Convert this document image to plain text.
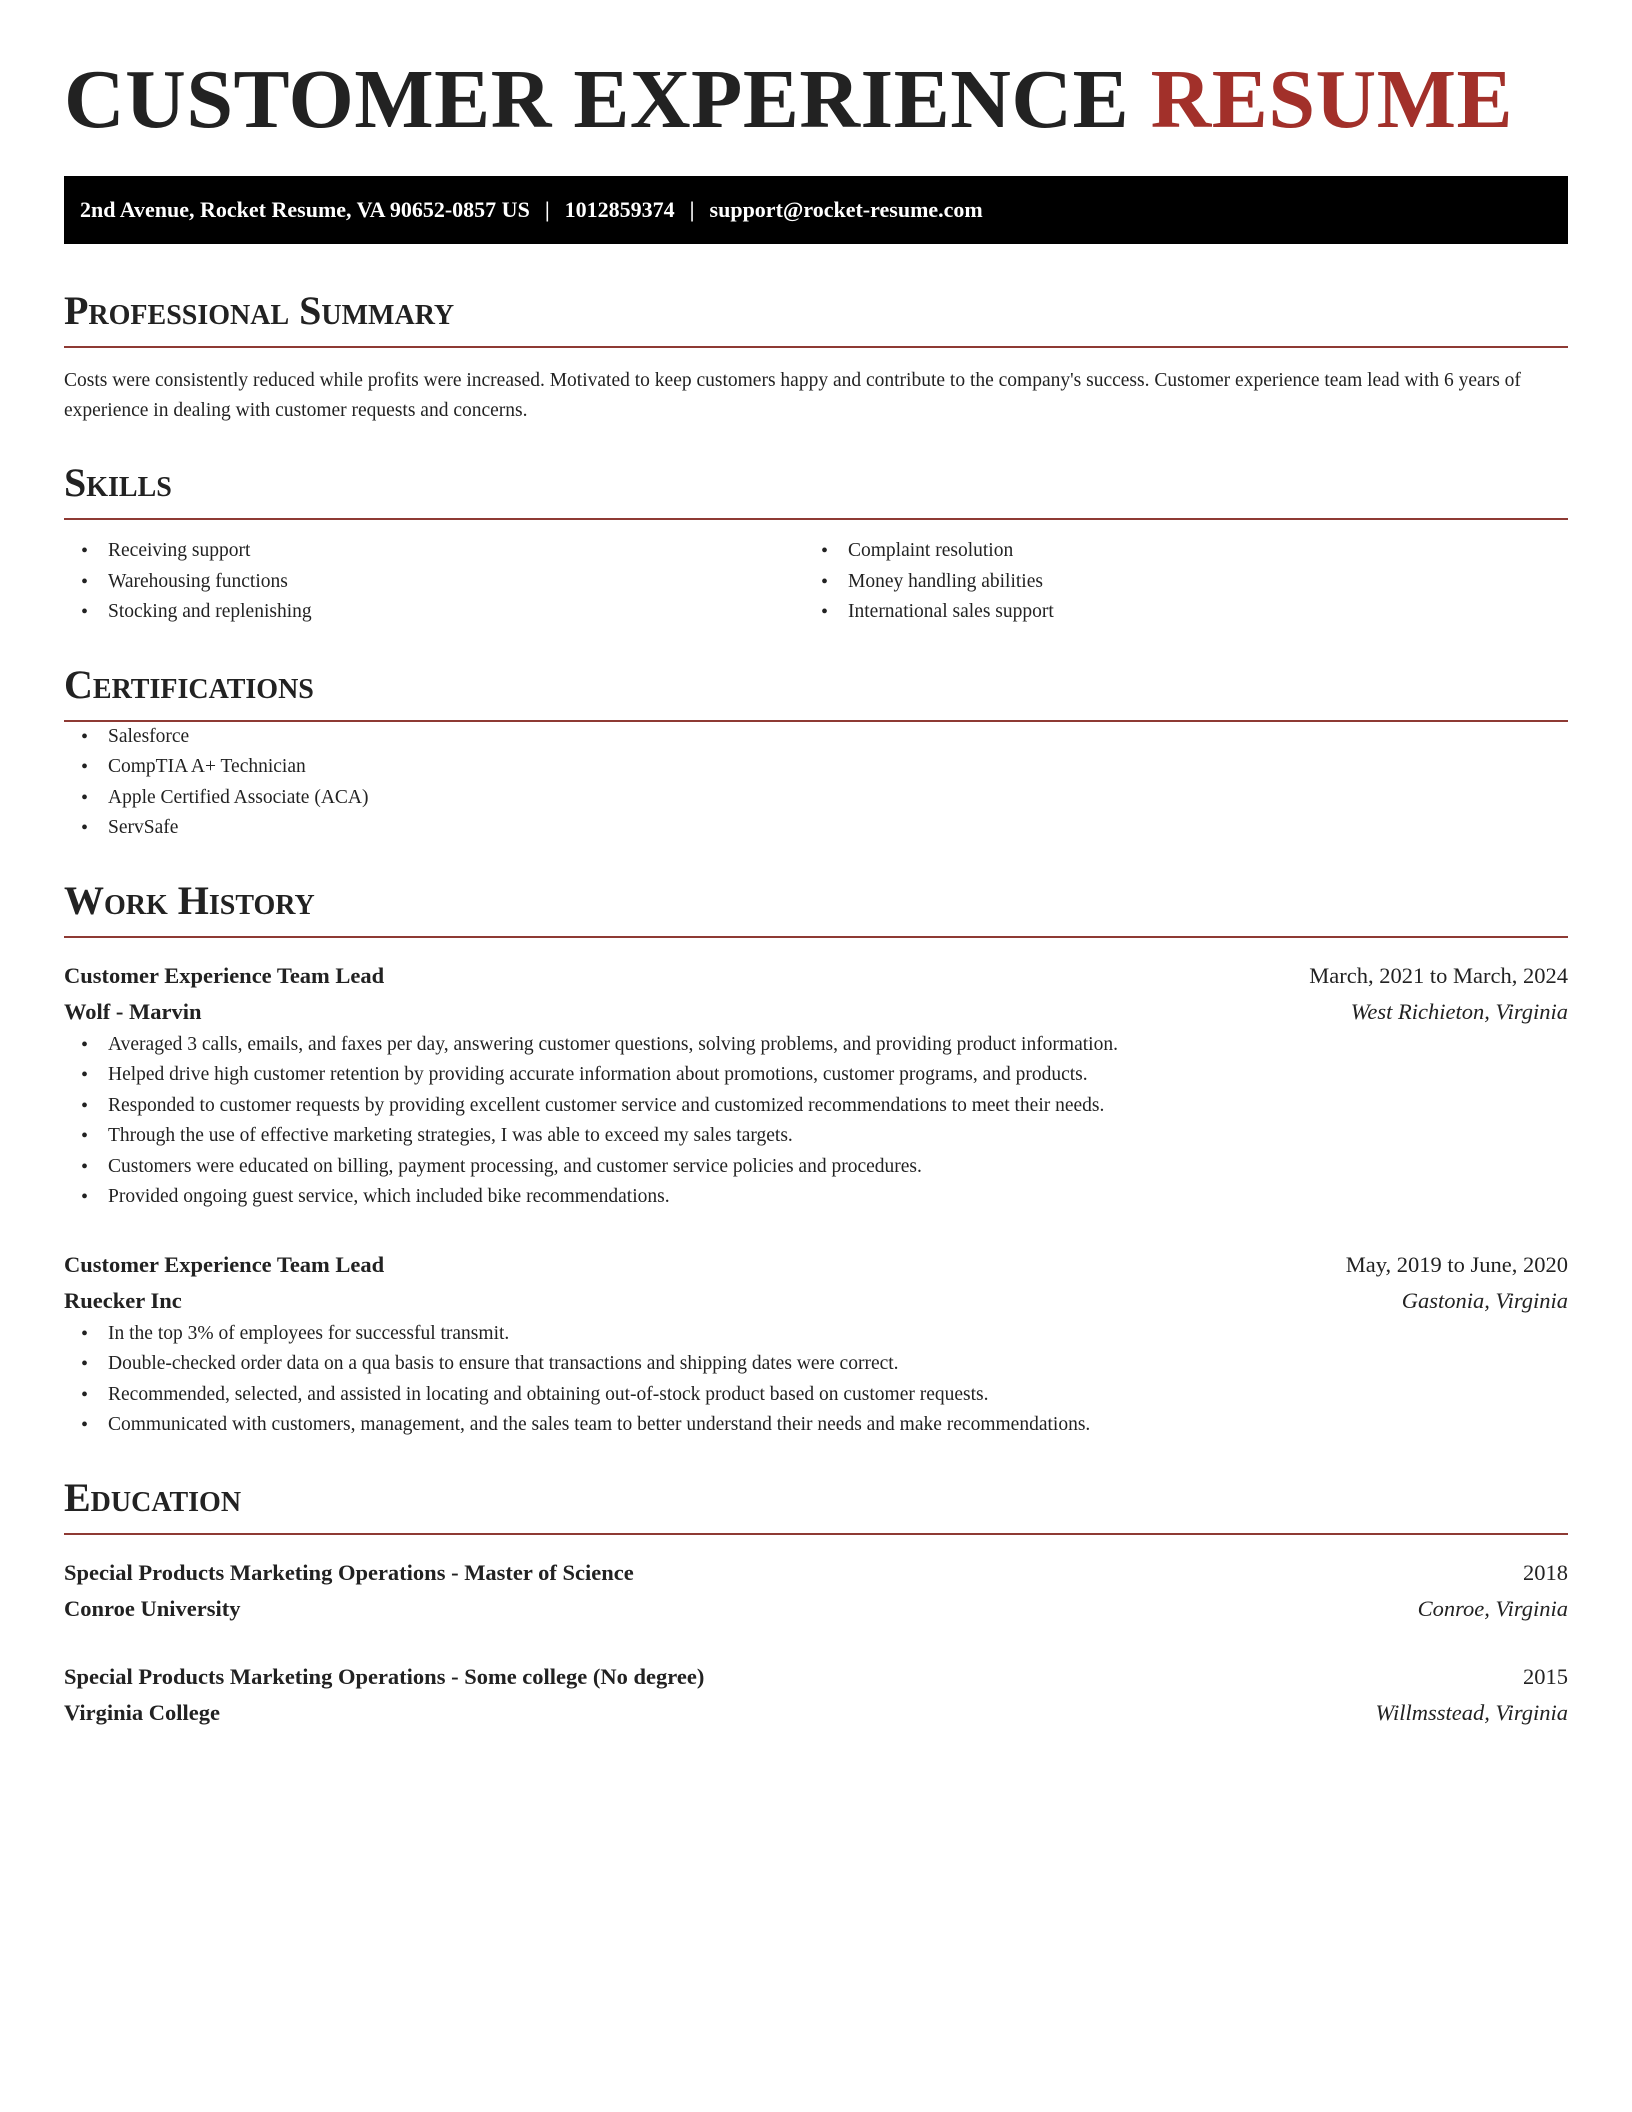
CUSTOMER EXPERIENCE RESUME
2nd Avenue, Rocket Resume, VA 90652-0857 US | 1012859374 | support@rocket-resume.com
Professional Summary

Costs were consistently reduced while profits were increased. Motivated to keep customers happy and contribute to the company's success. Customer experience team lead with 6 years of experience in dealing with customer requests and concerns.

Skills
• Receiving support
• Warehousing functions
• Stocking and replenishing
• Complaint resolution
• Money handling abilities
• International sales support
Certifications
• Salesforce
• CompTIA A+ Technician
• Apple Certified Associate (ACA)
• ServSafe
Work History
Customer Experience Team Lead	March, 2021 to March, 2024
Wolf - Marvin	West Richieton, Virginia
• Averaged 3 calls, emails, and faxes per day, answering customer questions, solving problems, and providing product information.
• Helped drive high customer retention by providing accurate information about promotions, customer programs, and products.
• Responded to customer requests by providing excellent customer service and customized recommendations to meet their needs.
• Through the use of effective marketing strategies, I was able to exceed my sales targets.
• Customers were educated on billing, payment processing, and customer service policies and procedures.
• Provided ongoing guest service, which included bike recommendations.
Customer Experience Team Lead	May, 2019 to June, 2020
Ruecker Inc	Gastonia, Virginia
• In the top 3% of employees for successful transmit.
• Double-checked order data on a qua basis to ensure that transactions and shipping dates were correct.
• Recommended, selected, and assisted in locating and obtaining out-of-stock product based on customer requests.
• Communicated with customers, management, and the sales team to better understand their needs and make recommendations.
Education
Special Products Marketing Operations - Master of Science	2018
Conroe University	Conroe, Virginia
Special Products Marketing Operations - Some college (No degree)	2015
Virginia College	Willmsstead, Virginia
